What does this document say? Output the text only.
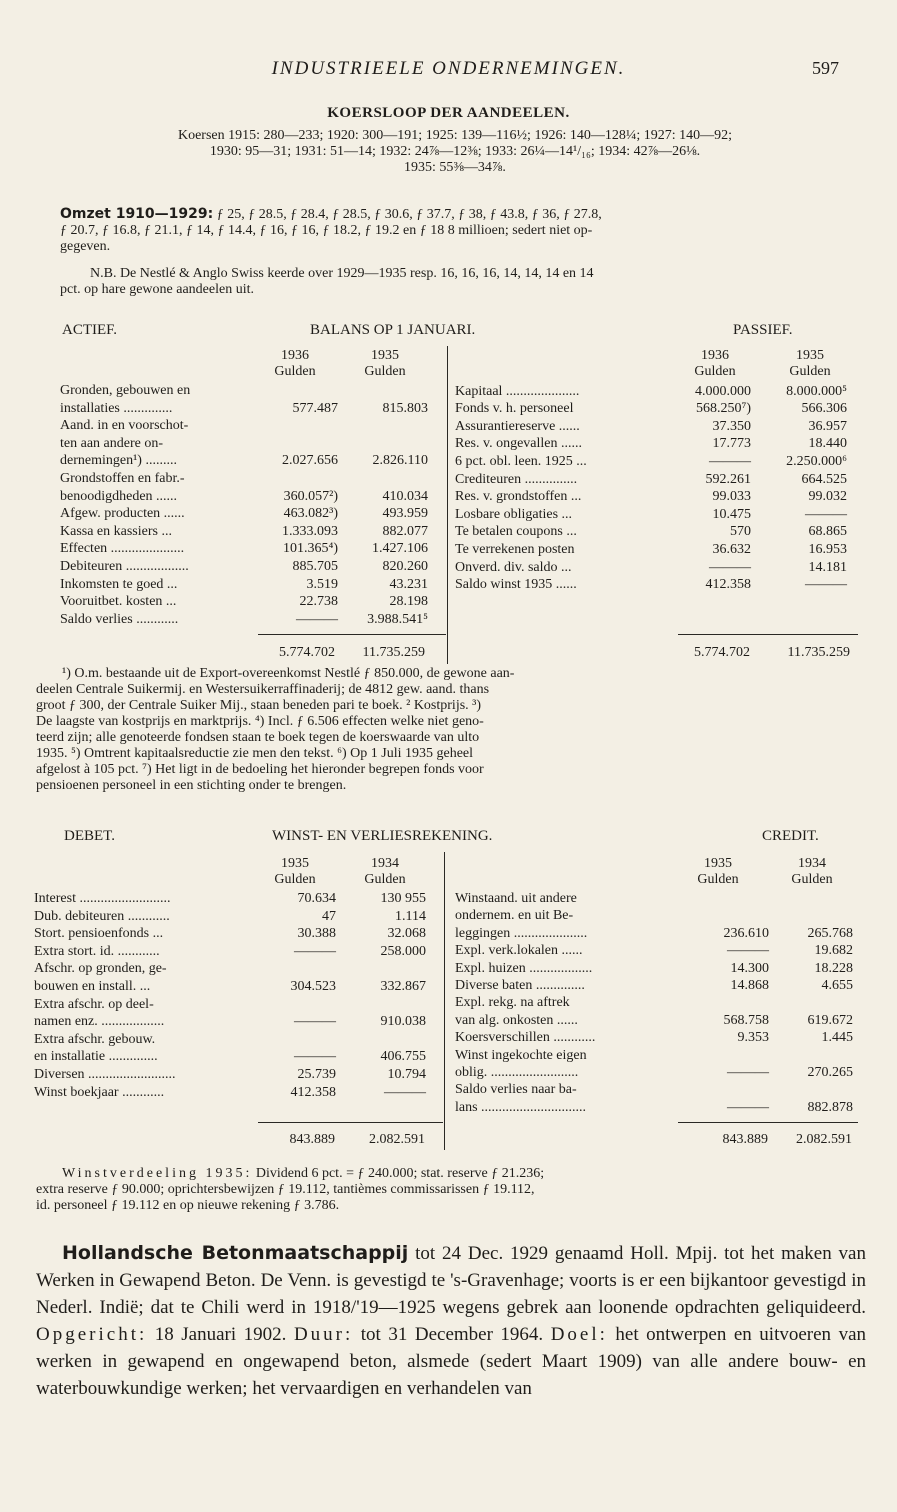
INDUSTRIEELE ONDERNEMINGEN.	597
KOERSLOOP DER AANDEELEN.
Koersen 1915: 280—233; 1920: 300—191; 1925: 139—116½; 1926: 140—128¼; 1927: 140—92;
1930: 95—31; 1931: 51—14; 1932: 24⅞—12⅜; 1933: 26¼—14¹/₁₆; 1934: 42⅞—26⅛.
1935: 55⅜—34⅞.
Omzet 1910—1929: ƒ 25, ƒ 28.5, ƒ 28.4, ƒ 28.5, ƒ 30.6, ƒ 37.7, ƒ 38, ƒ 43.8, ƒ 36, ƒ 27.8,
ƒ 20.7, ƒ 16.8, ƒ 21.1, ƒ 14, ƒ 14.4, ƒ 16, ƒ 16, ƒ 18.2, ƒ 19.2 en ƒ 18 8 millioen; sedert niet op-
gegeven.
N.B. De Nestlé & Anglo Swiss keerde over 1929—1935 resp. 16, 16, 16, 14, 14, 14 en 14
pct. op hare gewone aandeelen uit.
ACTIEF.	BALANS OP 1 JANUARI.	PASSIEF.
1936
Gulden
1935
Gulden
1936
Gulden
1935
Gulden
Gronden, gebouwen en
installaties ..............	577.487	815.803
Aand. in en voorschot-
ten aan andere on-
dernemingen¹) .........	2.027.656	2.826.110
Grondstoffen en fabr.-
benoodigdheden ......	360.057²)	410.034
Afgew. producten ......	463.082³)	493.959
Kassa en kassiers ...	1.333.093	882.077
Effecten .....................	101.365⁴)	1.427.106
Debiteuren ..................	885.705	820.260
Inkomsten te goed ...	3.519	43.231
Vooruitbet. kosten ...	22.738	28.198
Saldo verlies ............	———	3.988.541⁵
Kapitaal .....................	4.000.000	8.000.000⁵
Fonds v. h. personeel	568.250⁷)	566.306
Assurantiereserve ......	37.350	36.957
Res. v. ongevallen ......	17.773	18.440
6 pct. obl. leen. 1925 ...	———	2.250.000⁶
Crediteuren ...............	592.261	664.525
Res. v. grondstoffen ...	99.033	99.032
Losbare obligaties ...	10.475	———
Te betalen coupons ...	570	68.865
Te verrekenen posten	36.632	16.953
Onverd. div. saldo ...	———	14.181
Saldo winst 1935 ......	412.358	———
5.774.702	11.735.259	5.774.702	11.735.259
¹) O.m. bestaande uit de Export-overeenkomst Nestlé ƒ 850.000, de gewone aan-
deelen Centrale Suikermij. en Westersuikerraffinaderij; de 4812 gew. aand. thans
groot ƒ 300, der Centrale Suiker Mij., staan beneden pari te boek. ² Kostprijs. ³)
De laagste van kostprijs en marktprijs. ⁴) Incl. ƒ 6.506 effecten welke niet geno-
teerd zijn; alle genoteerde fondsen staan te boek tegen de koerswaarde van ulto
1935. ⁵) Omtrent kapitaalsreductie zie men den tekst. ⁶) Op 1 Juli 1935 geheel
afgelost à 105 pct. ⁷) Het ligt in de bedoeling het hieronder begrepen fonds voor
pensioenen personeel in een stichting onder te brengen.
DEBET.	WINST- EN VERLIESREKENING.	CREDIT.
1935
Gulden
1934
Gulden
1935
Gulden
1934
Gulden
Interest ..........................	70.634	130 955
Dub. debiteuren ............	47	1.114
Stort. pensioenfonds ...	30.388	32.068
Extra stort. id. ............	———	258.000
Afschr. op gronden, ge-
bouwen en install. ...	304.523	332.867
Extra afschr. op deel-
namen enz. ..................	———	910.038
Extra afschr. gebouw.
en installatie ..............	———	406.755
Diversen .........................	25.739	10.794
Winst boekjaar ............	412.358	———
Winstaand. uit andere
ondernem. en uit Be-
leggingen .....................	236.610	265.768
Expl. verk.lokalen ......	———	19.682
Expl. huizen ..................	14.300	18.228
Diverse baten ..............	14.868	4.655
Expl. rekg. na aftrek
van alg. onkosten ......	568.758	619.672
Koersverschillen ............	9.353	1.445
Winst ingekochte eigen
oblig. .........................	———	270.265
Saldo verlies naar ba-
lans ..............................	———	882.878
843.889	2.082.591	843.889	2.082.591
Winstverdeeling 1935: Dividend 6 pct. = ƒ 240.000; stat. reserve ƒ 21.236;
extra reserve ƒ 90.000; oprichtersbewijzen ƒ 19.112, tantièmes commissarissen ƒ 19.112,
id. personeel ƒ 19.112 en op nieuwe rekening ƒ 3.786.
Hollandsche Betonmaatschappij tot 24 Dec. 1929 genaamd Holl. Mpij. tot het maken van Werken in Gewapend Beton. De Venn. is gevestigd te 's-Gravenhage; voorts is er een bijkantoor gevestigd in Nederl. Indië; dat te Chili werd in 1918/'19—1925 wegens gebrek aan loonende opdrachten geliquideerd. Opgericht: 18 Januari 1902. Duur: tot 31 December 1964. Doel: het ontwerpen en uitvoeren van werken in gewapend en ongewapend beton, alsmede (sedert Maart 1909) van alle andere bouw- en waterbouwkundige werken; het vervaardigen en verhandelen van
